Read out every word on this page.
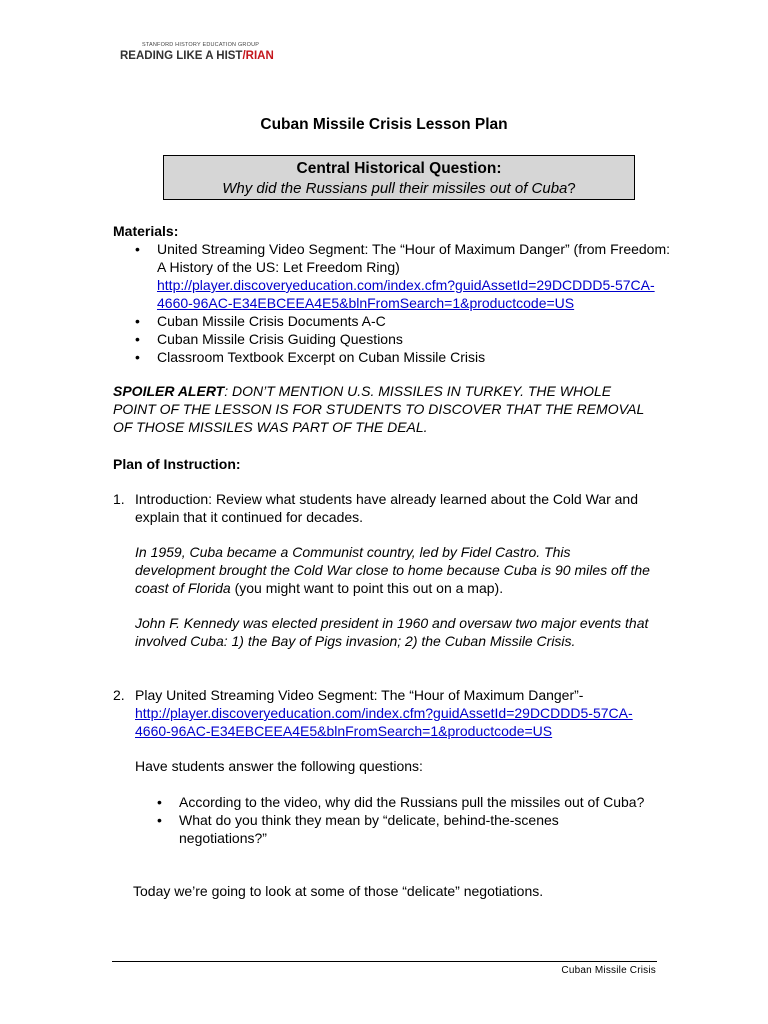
STANFORD HISTORY EDUCATION GROUP
READING LIKE A HIST/RIAN
Cuban Missile Crisis Lesson Plan
Central Historical Question:
Why did the Russians pull their missiles out of Cuba?
Materials:
• United Streaming Video Segment: The “Hour of Maximum Danger” (from Freedom: A History of the US: Let Freedom Ring)
http://player.discoveryeducation.com/index.cfm?guidAssetId=29DCDDD5-57CA-4660-96AC-E34EBCEEA4E5&blnFromSearch=1&productcode=US
• Cuban Missile Crisis Documents A-C
• Cuban Missile Crisis Guiding Questions
• Classroom Textbook Excerpt on Cuban Missile Crisis
SPOILER ALERT: DON’T MENTION U.S. MISSILES IN TURKEY. THE WHOLE POINT OF THE LESSON IS FOR STUDENTS TO DISCOVER THAT THE REMOVAL OF THOSE MISSILES WAS PART OF THE DEAL.
Plan of Instruction:
1. Introduction: Review what students have already learned about the Cold War and explain that it continued for decades.
In 1959, Cuba became a Communist country, led by Fidel Castro. This development brought the Cold War close to home because Cuba is 90 miles off the coast of Florida (you might want to point this out on a map).
John F. Kennedy was elected president in 1960 and oversaw two major events that involved Cuba: 1) the Bay of Pigs invasion; 2) the Cuban Missile Crisis.
2. Play United Streaming Video Segment: The “Hour of Maximum Danger”-
http://player.discoveryeducation.com/index.cfm?guidAssetId=29DCDDD5-57CA-4660-96AC-E34EBCEEA4E5&blnFromSearch=1&productcode=US
Have students answer the following questions:
• According to the video, why did the Russians pull the missiles out of Cuba?
• What do you think they mean by “delicate, behind-the-scenes negotiations?”
Today we’re going to look at some of those “delicate” negotiations.
Cuban Missile Crisis
